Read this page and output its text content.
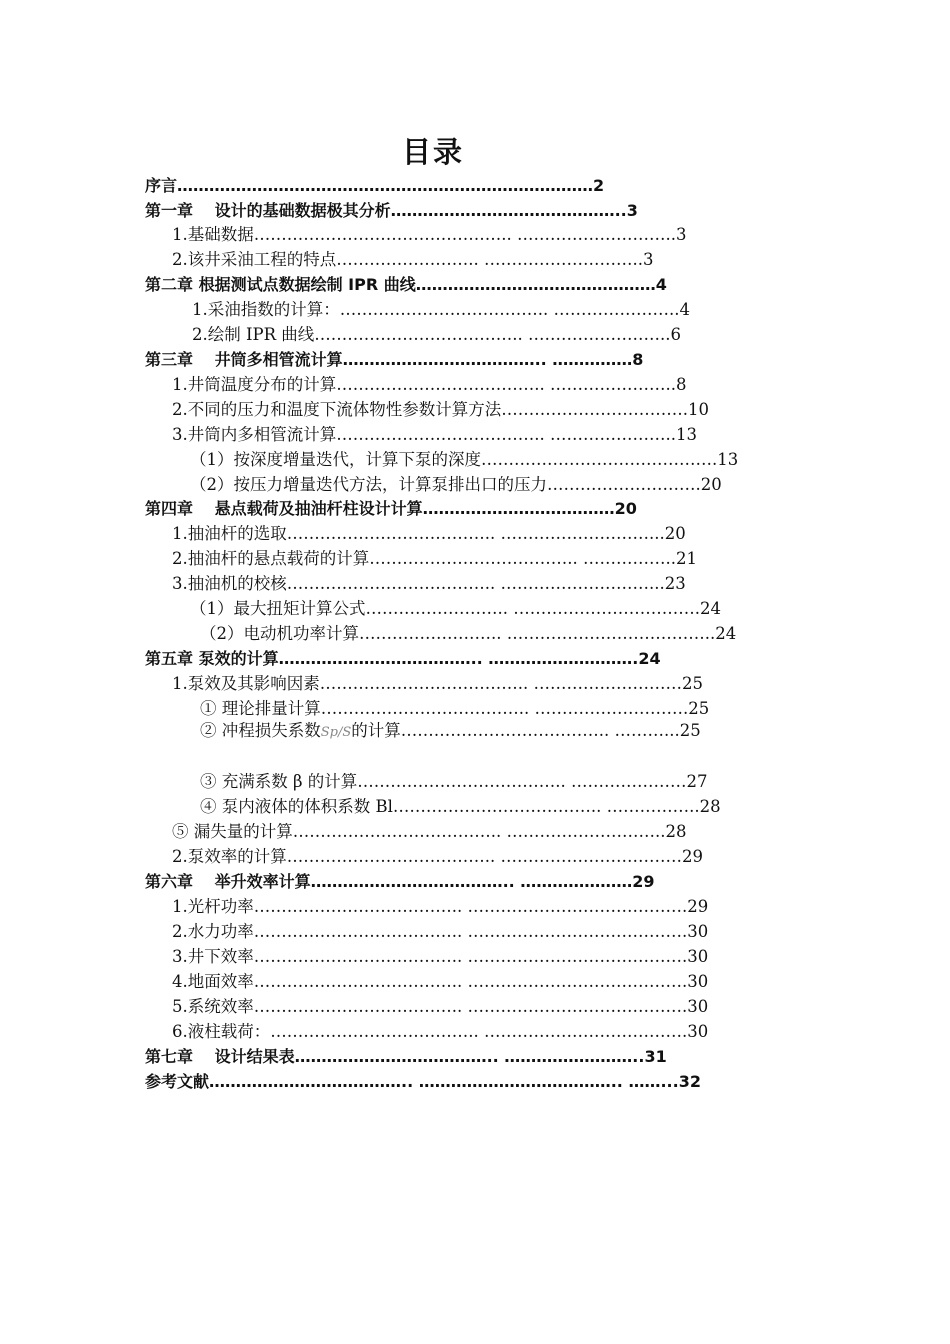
目录
序言……………………………………………………………………2
第一章　 设计的基础数据极其分析……………………………………..3
1.基础数据……………………………………….. ………………………..3
2.该井采油工程的特点…………………….. ………………………..3
第二章 根据测试点数据绘制 IPR 曲线………………………………………4
1.采油指数的计算：……………………………….. …………………..4
2.绘制 IPR 曲线……………………………….. ……………………..6
第三章　 井筒多相管流计算……………………………….. ……………8
1.井筒温度分布的计算……………………………….. …………………..8
2.不同的压力和温度下流体物性参数计算方法…………………………….10
3.井筒内多相管流计算……………………………….. …………………..13
（1）按深度增量迭代，计算下泵的深度…………………………………….13
（2）按压力增量迭代方法，计算泵排出口的压力……………………….20
第四章　 悬点载荷及抽油杆柱设计计算………………………………20
1.抽油杆的选取……………………………….. ………………………...20
2.抽油杆的悬点载荷的计算……………………………….. ……………..21
3.抽油机的校核……………………………….. ………………………...23
（1）最大扭矩计算公式…………………….. …………………………….24
（2）电动机功率计算…………………….. ………………………………..24
第五章 泵效的计算……………………………….. ……………………….24
1.泵效及其影响因素……………………………….. ………………………25
① 理论排量计算……………………………….. ……………………….25
② 冲程损失系数Sp/S的计算……………………………….. ………...25
③ 充满系数 β 的计算……………………………….. …………………27
④ 泵内液体的体积系数 Bl……………………………….. ……………..28
⑤ 漏失量的计算……………………………….. ………………………..28
2.泵效率的计算……………………………….. ……………………………29
第六章　 举升效率计算……………………………….. …………………29
1.光杆功率……………………………….. ………………………………….29
2.水力功率……………………………….. ………………………………….30
3.井下效率……………………………….. ………………………………….30
4.地面效率……………………………….. ………………………………….30
5.系统效率……………………………….. ………………………………….30
6.液柱载荷：……………………………….. ……………………………….30
第七章　 设计结果表……………………………….. ……………………..31
参考文献……………………………….. ……………………………….. ……...32
